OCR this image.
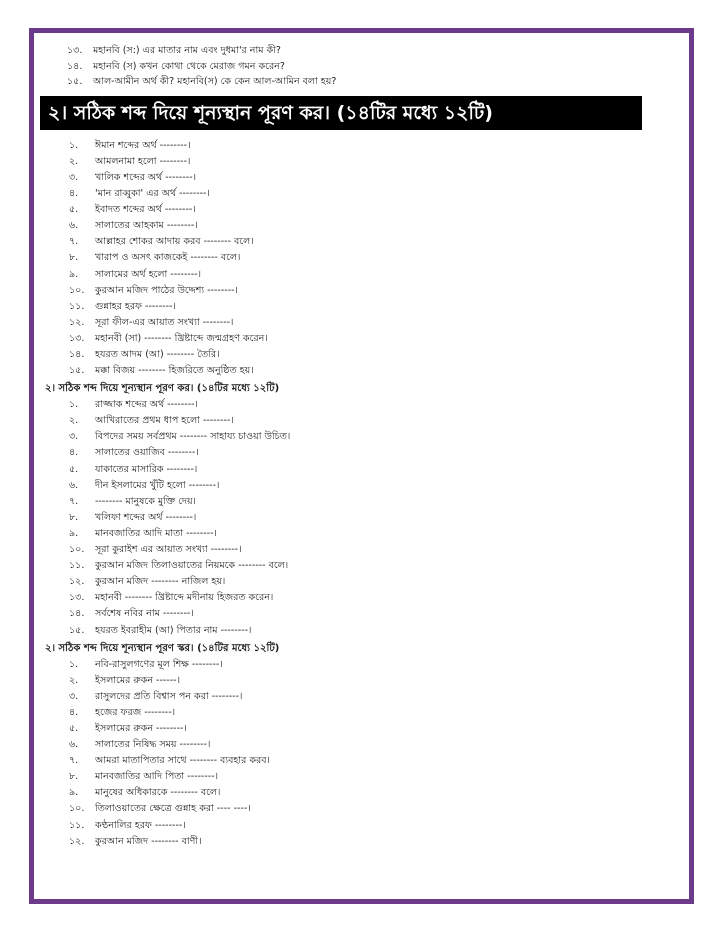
১৩. মহানবি (স:) এর মাতার নাম এবং দুধমা'র নাম কী?
১৪. মহানবি (স) কখন কোথা থেকে মেরাজ গমন করেন?
১৫. আল-আমীন অর্থ কী? মহানবি(স) কে কেন আল-আমিন বলা হয়?
২। সঠিক শব্দ দিয়ে শূন্যস্থান পূরণ কর। (১৪টির মধ্যে ১২টি)
১. ঈমান শব্দের অর্থ --------।
২. আমলনামা হলো --------।
৩. খালিক শব্দের অর্থ --------।
৪. 'মান রাব্বুকা' এর অর্থ --------।
৫. ইবাদত শব্দের অর্থ --------।
৬. সালাতের আহকাম --------।
৭. আল্লাহর শোকর আদায় করব -------- বলে।
৮. খারাপ ও অসৎ কাজকেই -------- বলে।
৯. সালামের অর্থ হলো --------।
১০. কুরআন মজিদ পাঠের উদ্দেশ্য --------।
১১. গুন্নাহর হরফ --------।
১২. সূরা ফীল-এর আয়াত সংখ্যা --------।
১৩. মহানবী (সা) -------- খ্রিষ্টাব্দে জন্মগ্রহণ করেন।
১৪. হযরত আদম (আ) -------- তৈরি।
১৫. মক্কা বিজয় -------- হিজরিতে অনুষ্ঠিত হয়।
২। সঠিক শব্দ দিয়ে শূন্যস্থান পূরণ কর। (১৪টির মধ্যে ১২টি)
১. রাজ্জাক শব্দের অর্থ --------।
২. আখিরাতের প্রথম ধাপ হলো --------।
৩. বিপদের সময় সর্বপ্রথম -------- সাহায্য চাওয়া উচিত।
৪. সালাতের ওয়াজিব --------।
৫. যাকাতের মাসারিক --------।
৬. দীন ইসলামের খুঁটি হলো --------।
৭. -------- মানুষকে মুক্তি দেয়।
৮. খলিফা শব্দের অর্থ --------।
৯. মানবজাতির আদি মাতা --------।
১০. সূরা কুরাইশ এর আয়াত সংখ্যা --------।
১১. কুরআন মজিদ তিলাওয়াতের নিয়মকে -------- বলে।
১২. কুরআন মজিদ -------- নাজিল হয়।
১৩. মহানবী -------- খ্রিষ্টাব্দে মদীনায় হিজরত করেন।
১৪. সর্বশেষ নবির নাম --------।
১৫. হযরত ইবরাহীম (আ) পিতার নাম --------।
২। সঠিক শব্দ দিয়ে শূন্যস্থান পূরণ স্কর। (১৪টির মধ্যে ১২টি)
১. নবি-রাসুলগণের মূল শিক্ষ --------।
২. ইসলামের রুকন ------।
৩. রাসুলদের প্রতি বিশ্বাস পন করা --------।
৪. হজের ফরজ --------।
৫. ইসলামের রুকন --------।
৬. সালাতের নিষিদ্ধ সময় --------।
৭. আমরা মাতাপিতার সাথে -------- ব্যবহার করব।
৮. মানবজাতির আদি পিতা --------।
৯. মানুষের অধিকারকে -------- বলে।
১০. তিলাওয়াতের ক্ষেত্রে গুন্নাহ করা ---- ----।
১১. কণ্ঠনালির হরফ --------।
১২. কুরআন মজিদ -------- বাণী।
